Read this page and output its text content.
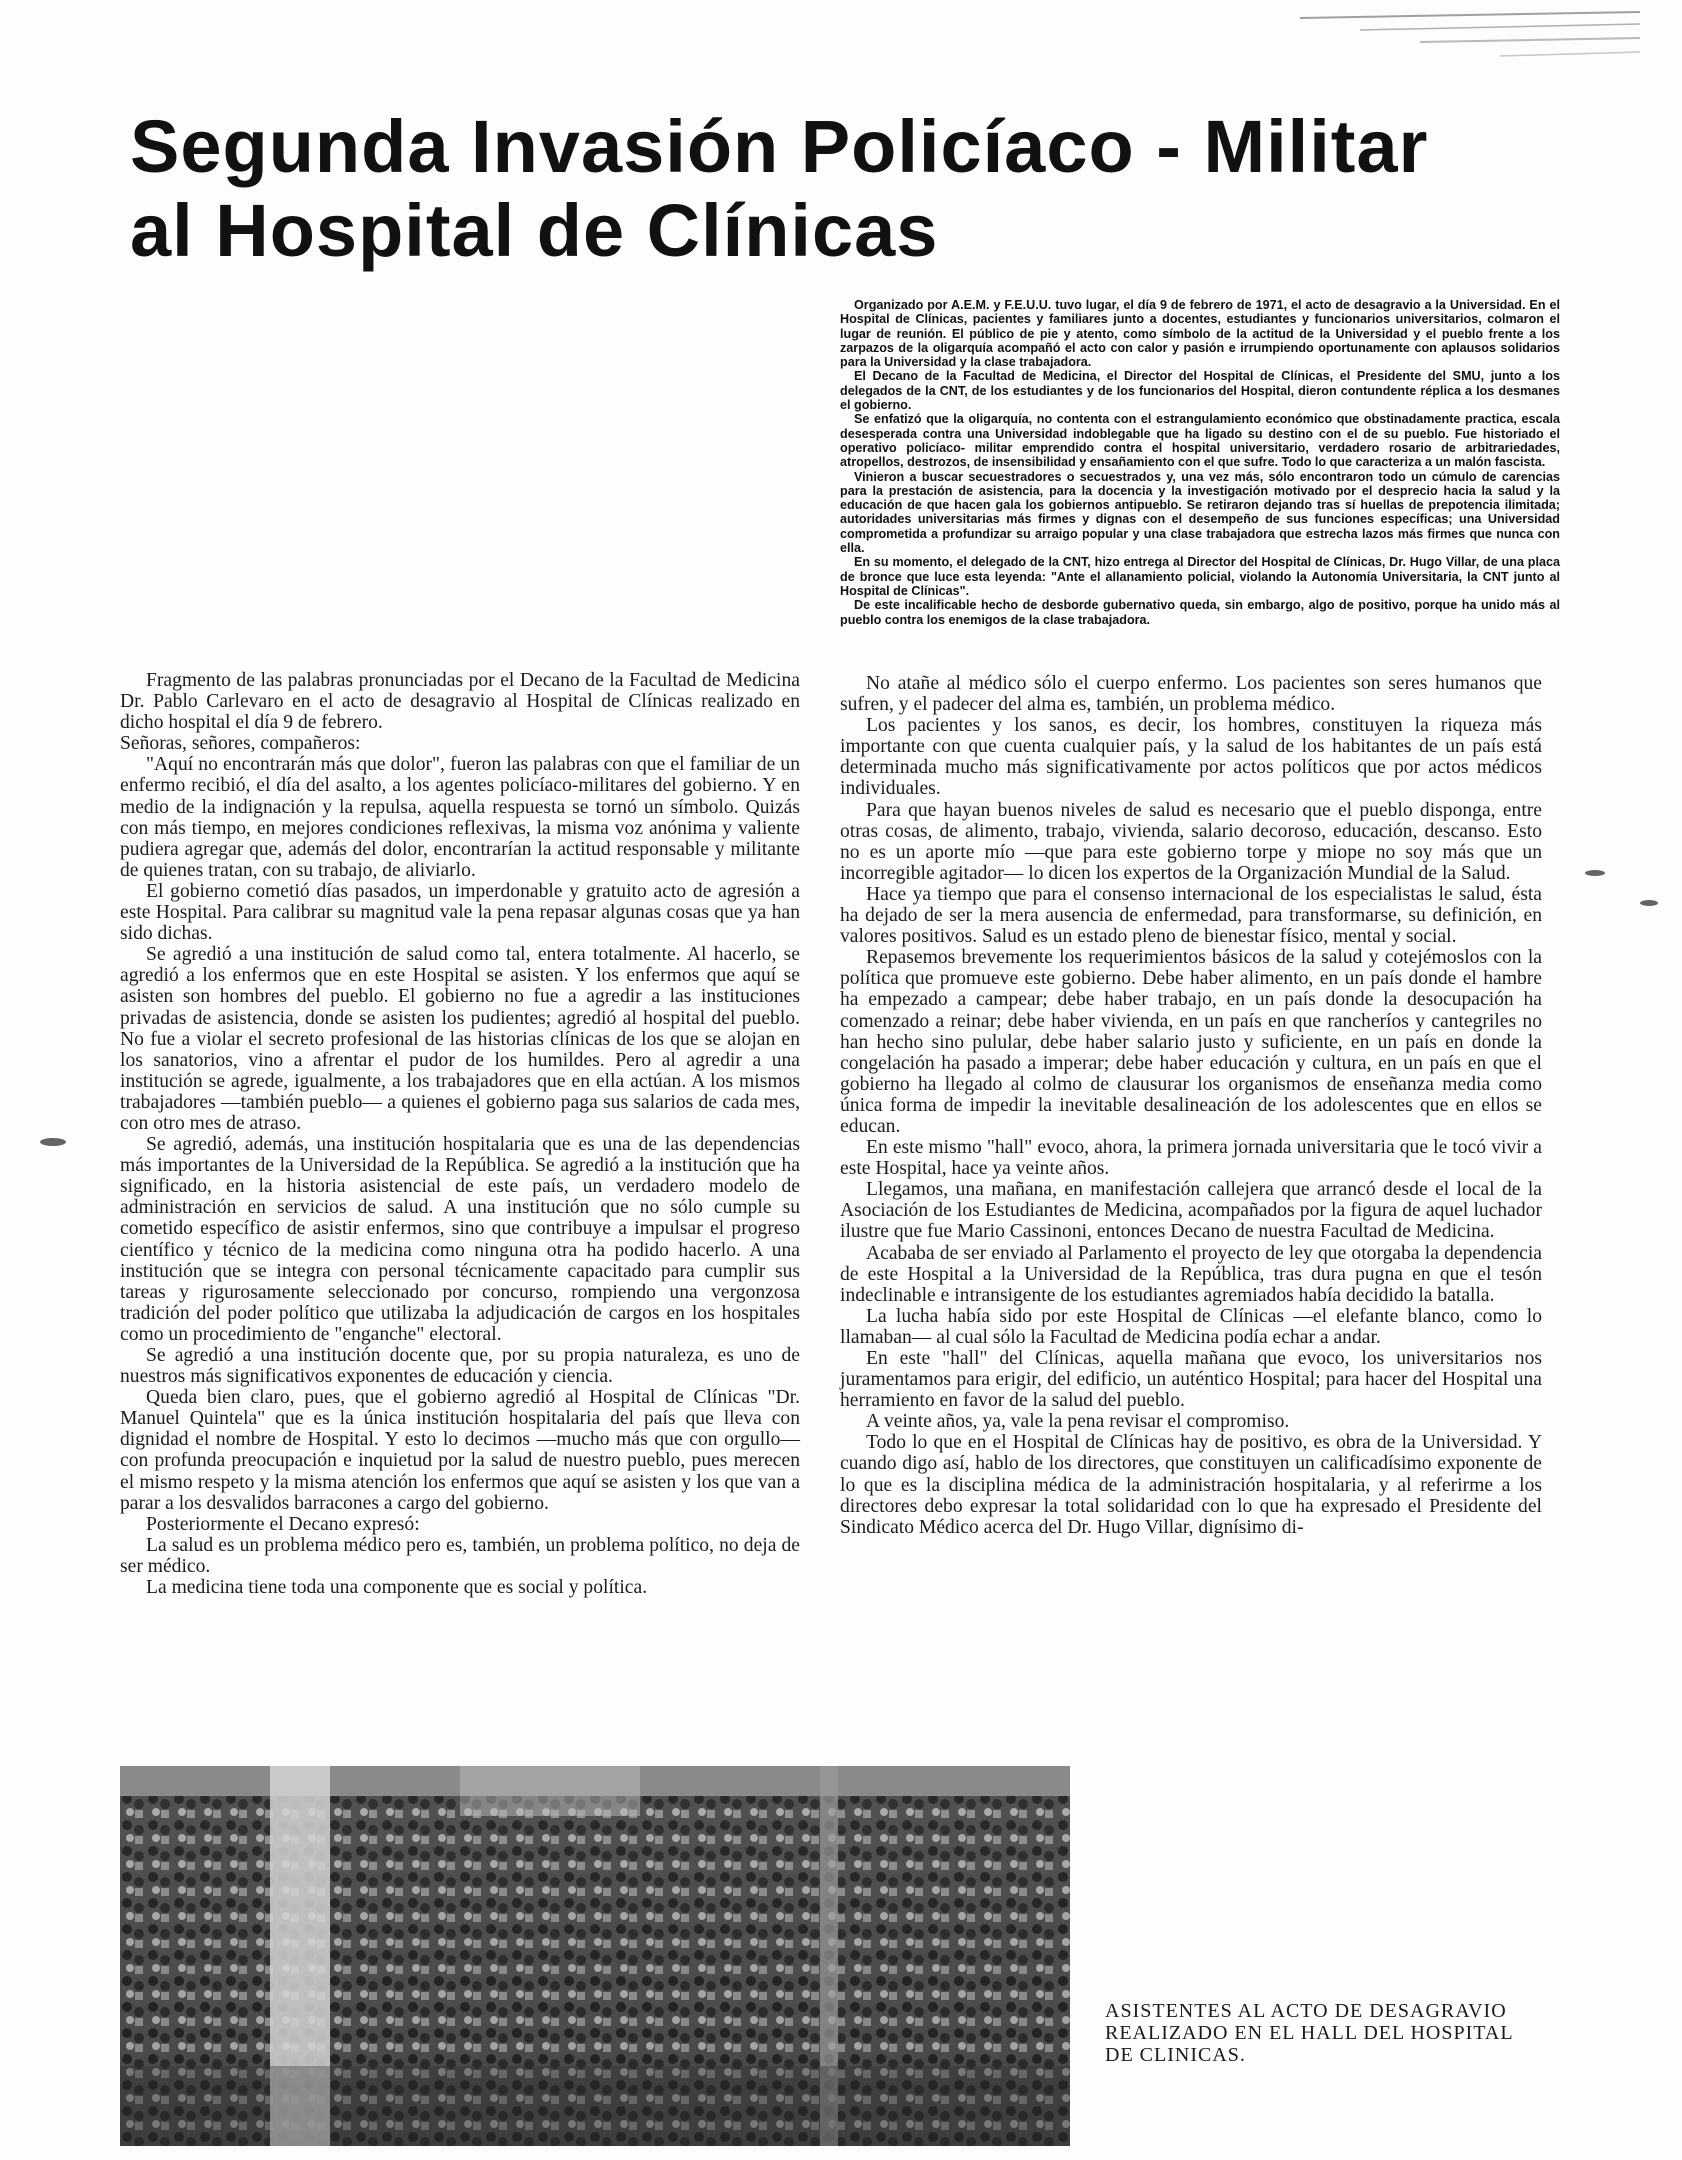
Segunda Invasión Policíaco - Militar
al Hospital de Clínicas

Organizado por A.E.M. y F.E.U.U. tuvo lugar, el día 9 de febrero de 1971, el acto de desagravio a la Universidad. En el Hospital de Clínicas, pacientes y familiares junto a docentes, estudiantes y funcionarios universitarios, colmaron el lugar de reunión. El público de pie y atento, como símbolo de la actitud de la Universidad y el pueblo frente a los zarpazos de la oligarquía acompañó el acto con calor y pasión e irrumpiendo oportunamente con aplausos solidarios para la Universidad y la clase trabajadora.

El Decano de la Facultad de Medicina, el Director del Hospital de Clínicas, el Presidente del SMU, junto a los delegados de la CNT, de los estudiantes y de los funcionarios del Hospital, dieron contundente réplica a los desmanes el gobierno.

Se enfatizó que la oligarquía, no contenta con el estrangulamiento económico que obstinadamente practica, escala desesperada contra una Universidad indoblegable que ha ligado su destino con el de su pueblo. Fue historiado el operativo policíaco- militar emprendido contra el hospital universitario, verdadero rosario de arbitrariedades, atropellos, destrozos, de insensibilidad y ensañamiento con el que sufre. Todo lo que caracteriza a un malón fascista.

Vinieron a buscar secuestradores o secuestrados y, una vez más, sólo encontraron todo un cúmulo de carencias para la prestación de asistencia, para la docencia y la investigación motivado por el desprecio hacia la salud y la educación de que hacen gala los gobiernos antipueblo. Se retiraron dejando tras sí huellas de prepotencia ilimitada; autoridades universitarias más firmes y dignas con el desempeño de sus funciones específicas; una Universidad comprometida a profundizar su arraigo popular y una clase trabajadora que estrecha lazos más firmes que nunca con ella.

En su momento, el delegado de la CNT, hizo entrega al Director del Hospital de Clínicas, Dr. Hugo Villar, de una placa de bronce que luce esta leyenda: "Ante el allanamiento policial, violando la Autonomía Universitaria, la CNT junto al Hospital de Clínicas".

De este incalificable hecho de desborde gubernativo queda, sin embargo, algo de positivo, porque ha unido más al pueblo contra los enemigos de la clase trabajadora.

Fragmento de las palabras pronunciadas por el Decano de la Facultad de Medicina Dr. Pablo Carlevaro en el acto de desagravio al Hospital de Clínicas realizado en dicho hospital el día 9 de febrero.

Señoras, señores, compañeros:

"Aquí no encontrarán más que dolor", fueron las palabras con que el familiar de un enfermo recibió, el día del asalto, a los agentes policíaco-militares del gobierno. Y en medio de la indignación y la repulsa, aquella respuesta se tornó un símbolo. Quizás con más tiempo, en mejores condiciones reflexivas, la misma voz anónima y valiente pudiera agregar que, además del dolor, encontrarían la actitud responsable y militante de quienes tratan, con su trabajo, de aliviarlo.

El gobierno cometió días pasados, un imperdonable y gratuito acto de agresión a este Hospital. Para calibrar su magnitud vale la pena repasar algunas cosas que ya han sido dichas.

Se agredió a una institución de salud como tal, entera totalmente. Al hacerlo, se agredió a los enfermos que en este Hospital se asisten. Y los enfermos que aquí se asisten son hombres del pueblo. El gobierno no fue a agredir a las instituciones privadas de asistencia, donde se asisten los pudientes; agredió al hospital del pueblo. No fue a violar el secreto profesional de las historias clínicas de los que se alojan en los sanatorios, vino a afrentar el pudor de los humildes. Pero al agredir a una institución se agrede, igualmente, a los trabajadores que en ella actúan. A los mismos trabajadores —también pueblo— a quienes el gobierno paga sus salarios de cada mes, con otro mes de atraso.

Se agredió, además, una institución hospitalaria que es una de las dependencias más importantes de la Universidad de la República. Se agredió a la institución que ha significado, en la historia asistencial de este país, un verdadero modelo de administración en servicios de salud. A una institución que no sólo cumple su cometido específico de asistir enfermos, sino que contribuye a impulsar el progreso científico y técnico de la medicina como ninguna otra ha podido hacerlo. A una institución que se integra con personal técnicamente capacitado para cumplir sus tareas y rigurosamente seleccionado por concurso, rompiendo una vergonzosa tradición del poder político que utilizaba la adjudicación de cargos en los hospitales como un procedimiento de "enganche" electoral.

Se agredió a una institución docente que, por su propia naturaleza, es uno de nuestros más significativos exponentes de educación y ciencia.

Queda bien claro, pues, que el gobierno agredió al Hospital de Clínicas "Dr. Manuel Quintela" que es la única institución hospitalaria del país que lleva con dignidad el nombre de Hospital. Y esto lo decimos —mucho más que con orgullo— con profunda preocupación e inquietud por la salud de nuestro pueblo, pues merecen el mismo respeto y la misma atención los enfermos que aquí se asisten y los que van a parar a los desvalidos barracones a cargo del gobierno.

Posteriormente el Decano expresó:

La salud es un problema médico pero es, también, un problema político, no deja de ser médico.

La medicina tiene toda una componente que es social y política.

No atañe al médico sólo el cuerpo enfermo. Los pacientes son seres humanos que sufren, y el padecer del alma es, también, un problema médico.

Los pacientes y los sanos, es decir, los hombres, constituyen la riqueza más importante con que cuenta cualquier país, y la salud de los habitantes de un país está determinada mucho más significativamente por actos políticos que por actos médicos individuales.

Para que hayan buenos niveles de salud es necesario que el pueblo disponga, entre otras cosas, de alimento, trabajo, vivienda, salario decoroso, educación, descanso. Esto no es un aporte mío —que para este gobierno torpe y miope no soy más que un incorregible agitador— lo dicen los expertos de la Organización Mundial de la Salud.

Hace ya tiempo que para el consenso internacional de los especialistas le salud, ésta ha dejado de ser la mera ausencia de enfermedad, para transformarse, su definición, en valores positivos. Salud es un estado pleno de bienestar físico, mental y social.

Repasemos brevemente los requerimientos básicos de la salud y cotejémoslos con la política que promueve este gobierno. Debe haber alimento, en un país donde el hambre ha empezado a campear; debe haber trabajo, en un país donde la desocupación ha comenzado a reinar; debe haber vivienda, en un país en que rancheríos y cantegriles no han hecho sino pulular, debe haber salario justo y suficiente, en un país en donde la congelación ha pasado a imperar; debe haber educación y cultura, en un país en que el gobierno ha llegado al colmo de clausurar los organismos de enseñanza media como única forma de impedir la inevitable desalineación de los adolescentes que en ellos se educan.

En este mismo "hall" evoco, ahora, la primera jornada universitaria que le tocó vivir a este Hospital, hace ya veinte años.

Llegamos, una mañana, en manifestación callejera que arrancó desde el local de la Asociación de los Estudiantes de Medicina, acompañados por la figura de aquel luchador ilustre que fue Mario Cassinoni, entonces Decano de nuestra Facultad de Medicina.

Acababa de ser enviado al Parlamento el proyecto de ley que otorgaba la dependencia de este Hospital a la Universidad de la República, tras dura pugna en que el tesón indeclinable e intransigente de los estudiantes agremiados había decidido la batalla.

La lucha había sido por este Hospital de Clínicas —el elefante blanco, como lo llamaban— al cual sólo la Facultad de Medicina podía echar a andar.

En este "hall" del Clínicas, aquella mañana que evoco, los universitarios nos juramentamos para erigir, del edificio, un auténtico Hospital; para hacer del Hospital una herramiento en favor de la salud del pueblo.

A veinte años, ya, vale la pena revisar el compromiso.

Todo lo que en el Hospital de Clínicas hay de positivo, es obra de la Universidad. Y cuando digo así, hablo de los directores, que constituyen un calificadísimo exponente de lo que es la disciplina médica de la administración hospitalaria, y al referirme a los directores debo expresar la total solidaridad con lo que ha expresado el Presidente del Sindicato Médico acerca del Dr. Hugo Villar, dignísimo di-

ASISTENTES AL ACTO DE DESAGRAVIO REALIZADO EN EL HALL DEL HOSPITAL DE CLINICAS.
